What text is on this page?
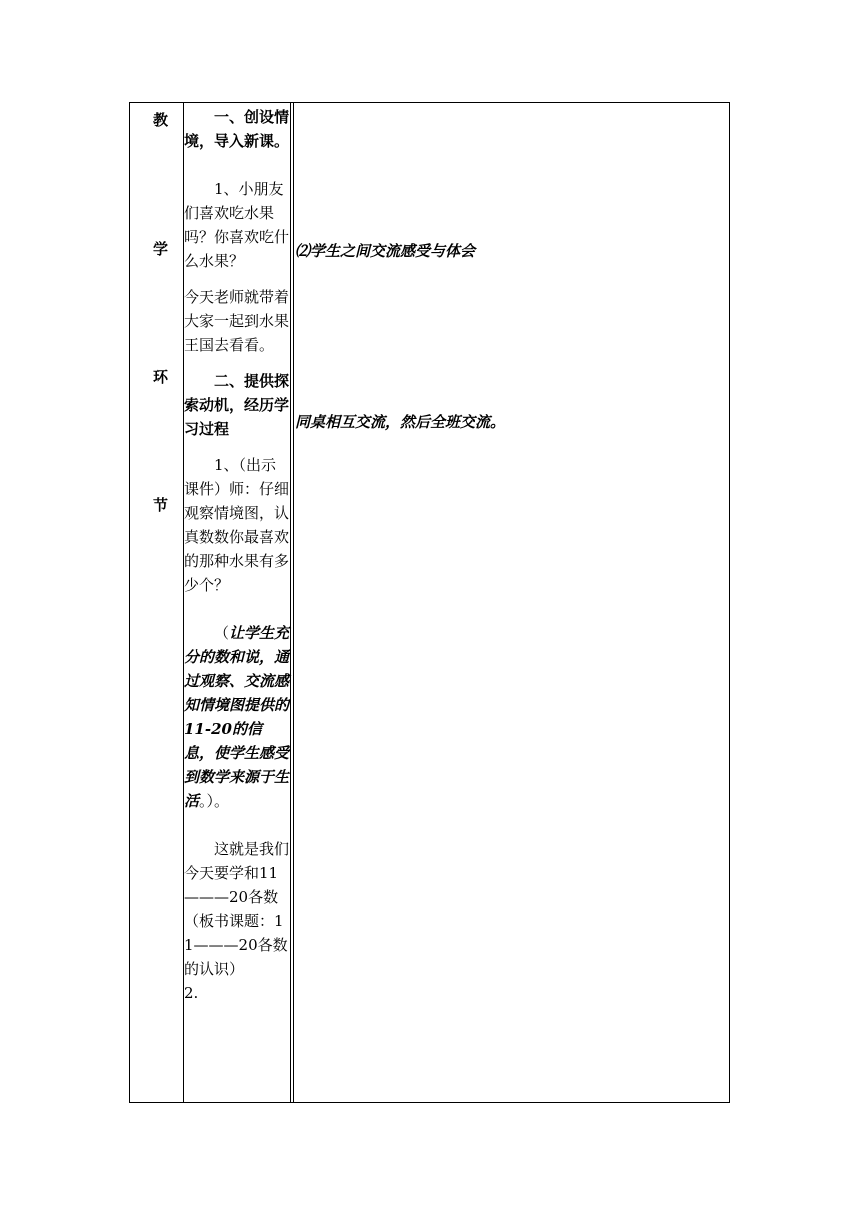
教
学
环
节

一、创设情境，导入新课。

1、小朋友们喜欢吃水果吗？你喜欢吃什么水果？

今天老师就带着大家一起到水果王国去看看。

二、提供探索动机，经历学习过程

1、（出示课件）师：仔细观察情境图，认真数数你最喜欢的那种水果有多少个？

（让学生充分的数和说，通过观察、交流感知情境图提供的11-20的信息，使学生感受到数学来源于生活。）。

这就是我们今天要学和11———20各数

（板书课题：11———20各数的认识）

2.

⑵学生之间交流感受与体会
同桌相互交流，然后全班交流。
